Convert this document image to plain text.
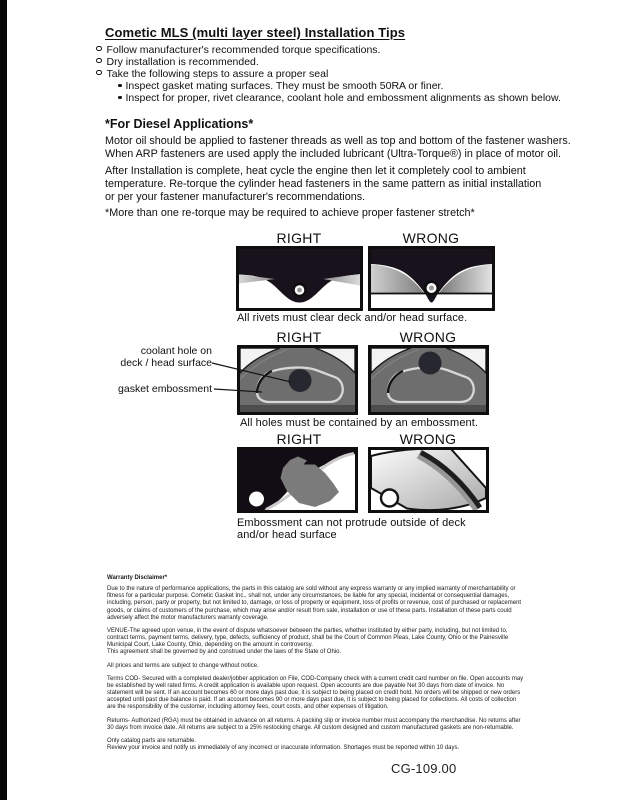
Cometic MLS (multi layer steel) Installation Tips
Follow manufacturer's recommended torque specifications.
Dry installation is recommended.
Take the following steps to assure a proper seal
Inspect gasket mating surfaces. They must be smooth 50RA or finer.
Inspect for proper, rivet clearance, coolant hole and embossment alignments as shown below.
*For Diesel Applications*
Motor oil should be applied to fastener threads as well as top and bottom of the fastener washers.
When ARP fasteners are used apply the included lubricant (Ultra-Torque®) in place of motor oil.
After Installation is complete, heat cycle the engine then let it completely cool to ambient
temperature. Re-torque the cylinder head fasteners in the same pattern as initial installation
or per your fastener manufacturer's recommendations.
*More than one re-torque may be required to achieve proper fastener stretch*
RIGHT	WRONG
All rivets must clear deck and/or head surface.
RIGHT	WRONG
coolant hole on
deck / head surface
gasket embossment
All holes must be contained by an embossment.
RIGHT	WRONG
Embossment can not protrude outside of deck
and/or head surface
Warranty Disclaimer*

Due to the nature of performance applications, the parts in this catalog are sold without any express warranty or any implied warranty of merchantability or fitness for a particular purpose. Cometic Gasket Inc., shall not, under any circumstances, be liable for any special, incidental or consequential damages, including, person, party or property, but not limited to, damage, or loss of property or equipment, loss of profits or revenue, cost of purchased or replacement goods, or claims of customers of the purchase, which may arise and/or result from sale, installation or use of these parts. Installation of these parts could adversely affect the motor manufacturers warranty coverage.

VENUE-The agreed upon venue, in the event of dispute whatsoever between the parties, whether instituted by either party, including, but not limited to, contract terms, payment terms, delivery, type, defects, sufficiency of product, shall be the Court of Common Pleas, Lake County, Ohio or the Painesville Municipal Court, Lake County, Ohio, depending on the amount in controversy.

This agreement shall be governed by and construed under the laws of the State of Ohio.

All prices and terms are subject to change without notice.

Terms COD- Secured with a completed dealer/jobber application on File, COD-Company check with a current credit card number on file. Open accounts may be established by well rated firms. A credit application is available upon request. Open accounts are due payable Net 30 days from date of invoice. No statement will be sent. If an account becomes 60 or more days past due, it is subject to being placed on credit hold. No orders will be shipped or new orders accepted until past due balance is paid. If an account becomes 90 or more days past due, it is subject to being placed for collections. All costs of collection are the responsibility of the customer, including attorney fees, court costs, and other expenses of litigation.

Returns- Authorized (RGA) must be obtained in advance on all returns. A packing slip or invoice number must accompany the merchandise. No returns after 30 days from invoice date. All returns are subject to a 25% restocking charge. All custom designed and custom manufactured gaskets are non-returnable.

Only catalog parts are returnable.

Review your invoice and notify us immediately of any incorrect or inaccurate information. Shortages must be reported within 10 days.

CG-109.00
